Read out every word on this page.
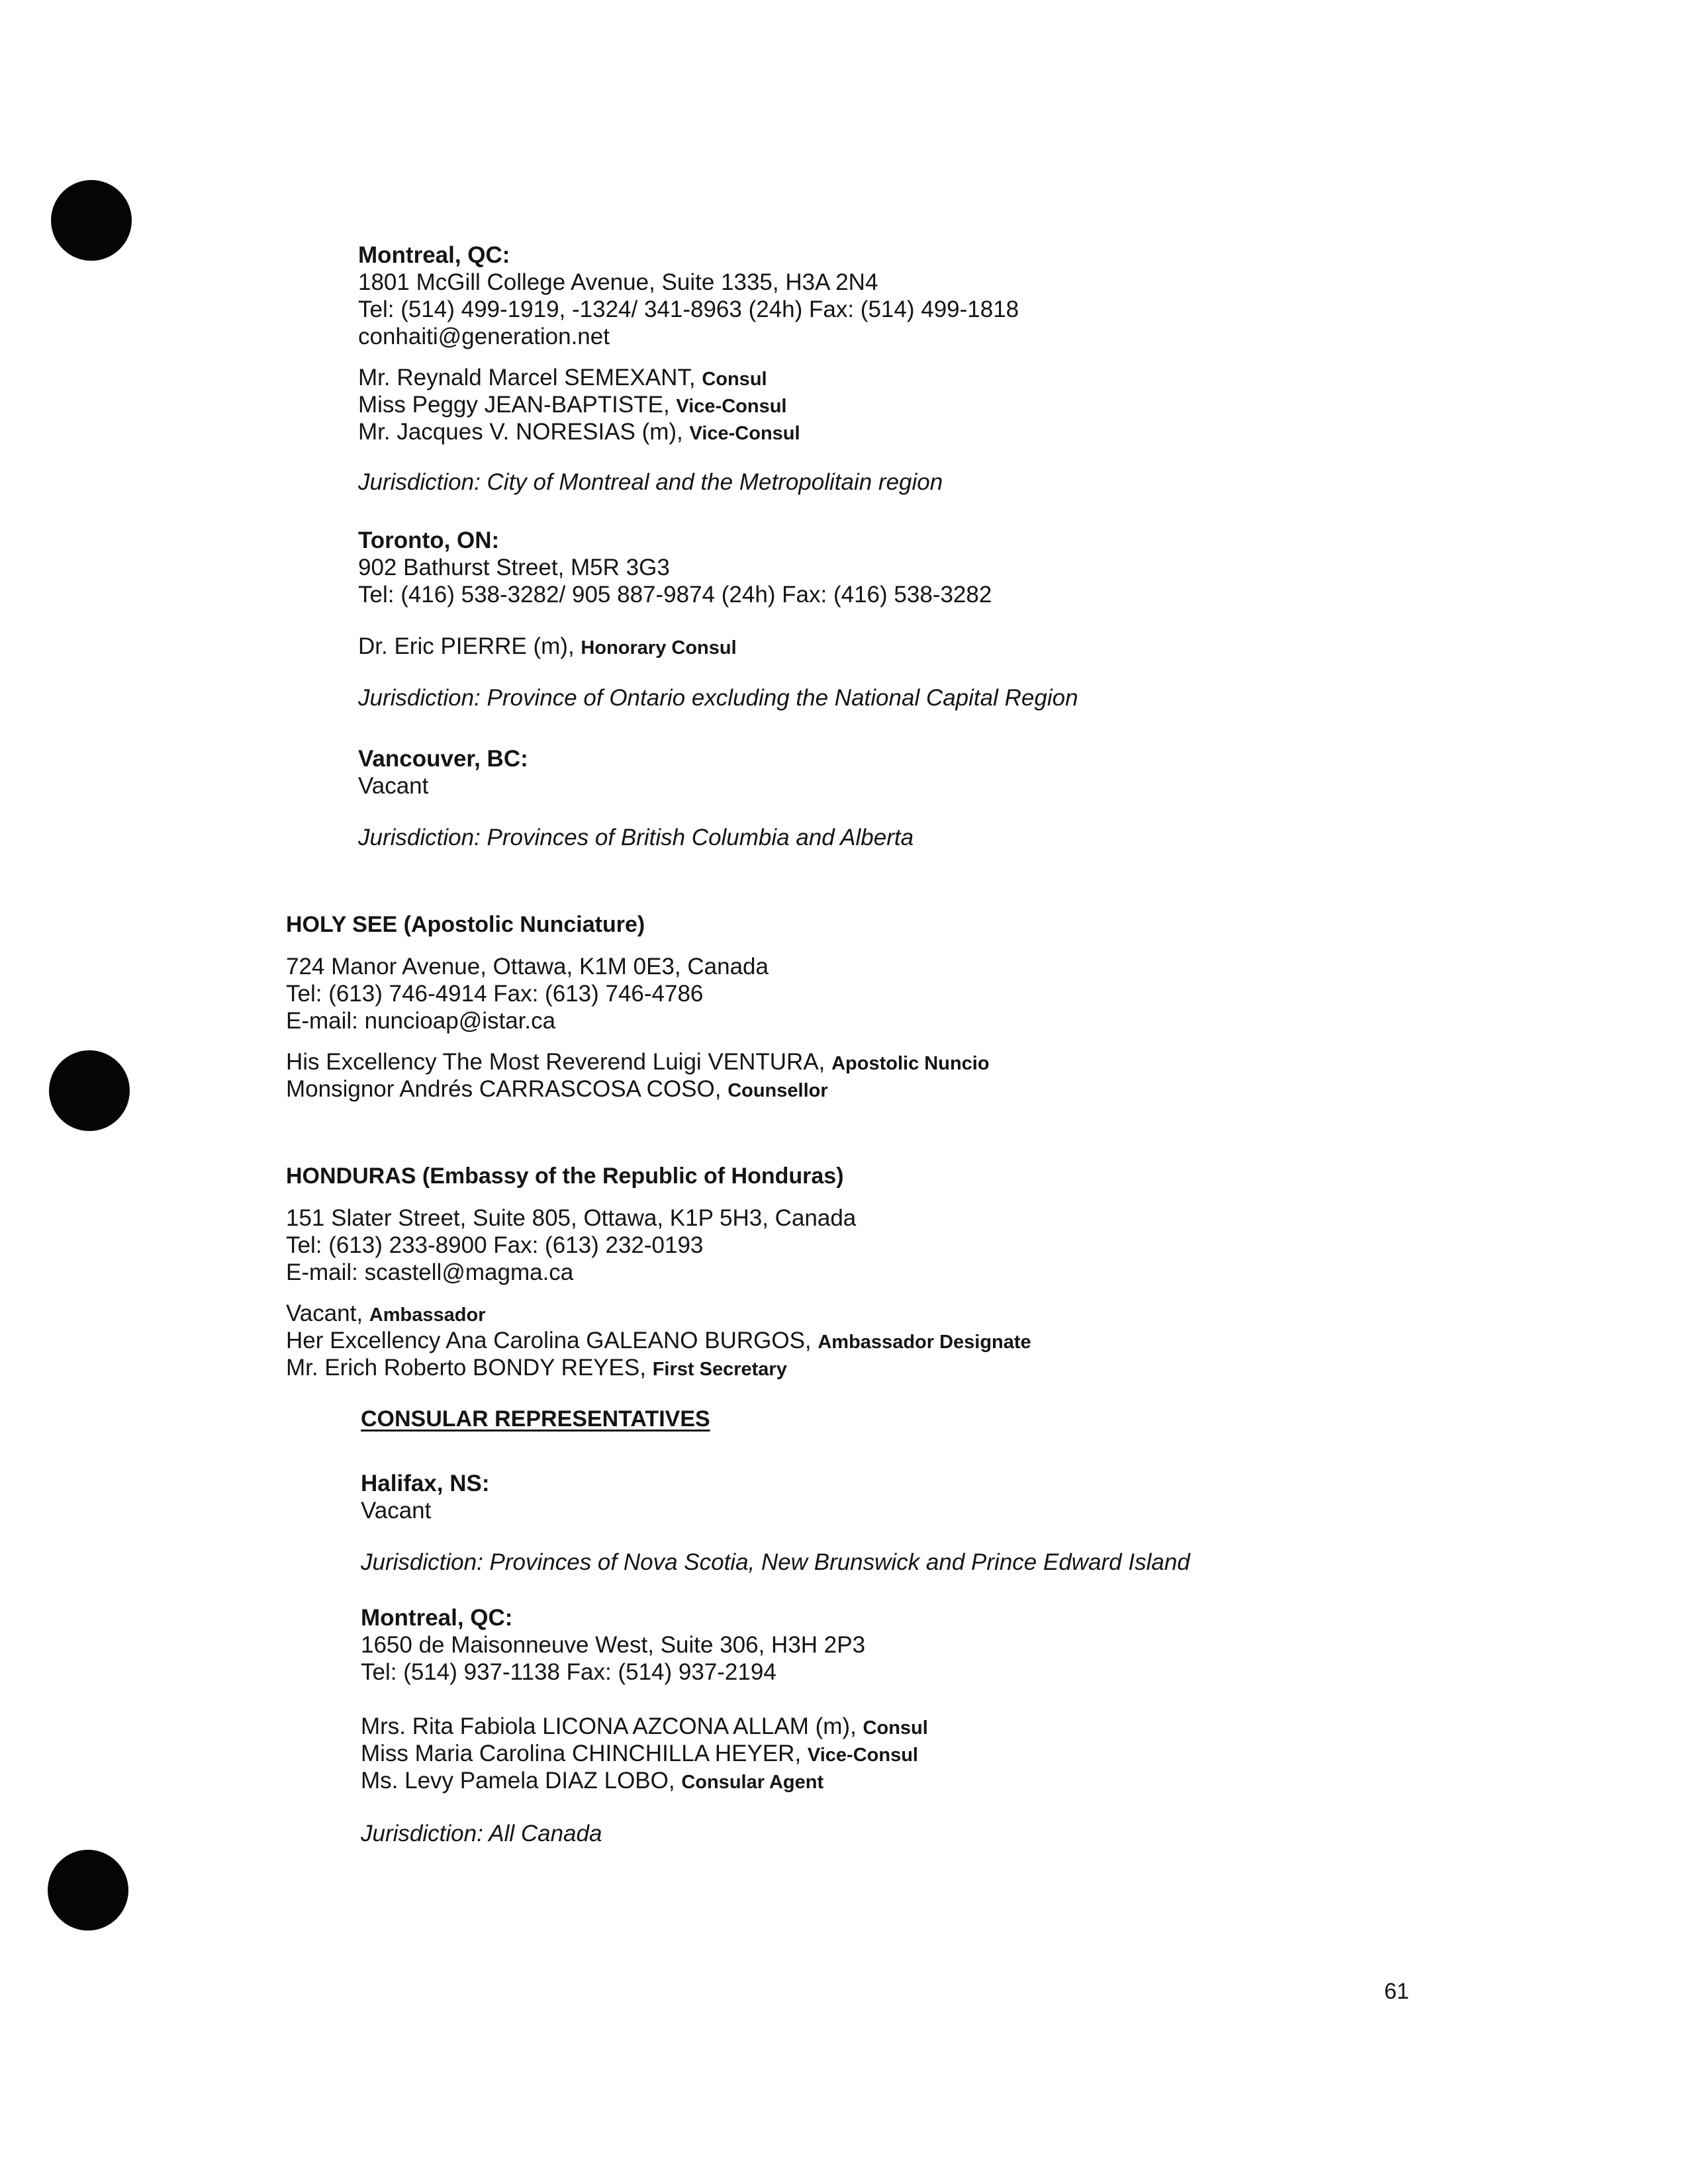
Montreal, QC:
1801 McGill College Avenue, Suite 1335, H3A 2N4
Tel: (514) 499-1919, -1324/ 341-8963 (24h) Fax: (514) 499-1818
conhaiti@generation.net
Mr. Reynald Marcel SEMEXANT, Consul
Miss Peggy JEAN-BAPTISTE, Vice-Consul
Mr. Jacques V. NORESIAS (m), Vice-Consul
Jurisdiction: City of Montreal and the Metropolitain region
Toronto, ON:
902 Bathurst Street, M5R 3G3
Tel: (416) 538-3282/ 905 887-9874 (24h) Fax: (416) 538-3282
Dr. Eric PIERRE (m), Honorary Consul
Jurisdiction: Province of Ontario excluding the National Capital Region
Vancouver, BC:
Vacant
Jurisdiction: Provinces of British Columbia and Alberta
HOLY SEE (Apostolic Nunciature)
724 Manor Avenue, Ottawa, K1M 0E3, Canada
Tel: (613) 746-4914 Fax: (613) 746-4786
E-mail: nuncioap@istar.ca
His Excellency The Most Reverend Luigi VENTURA, Apostolic Nuncio
Monsignor Andrés CARRASCOSA COSO, Counsellor
HONDURAS (Embassy of the Republic of Honduras)
151 Slater Street, Suite 805, Ottawa, K1P 5H3, Canada
Tel: (613) 233-8900 Fax: (613) 232-0193
E-mail: scastell@magma.ca
Vacant, Ambassador
Her Excellency Ana Carolina GALEANO BURGOS, Ambassador Designate
Mr. Erich Roberto BONDY REYES, First Secretary
CONSULAR REPRESENTATIVES
Halifax, NS:
Vacant
Jurisdiction: Provinces of Nova Scotia, New Brunswick and Prince Edward Island
Montreal, QC:
1650 de Maisonneuve West, Suite 306, H3H 2P3
Tel: (514) 937-1138 Fax: (514) 937-2194
Mrs. Rita Fabiola LICONA AZCONA ALLAM (m), Consul
Miss Maria Carolina CHINCHILLA HEYER, Vice-Consul
Ms. Levy Pamela DIAZ LOBO, Consular Agent
Jurisdiction: All Canada
61
